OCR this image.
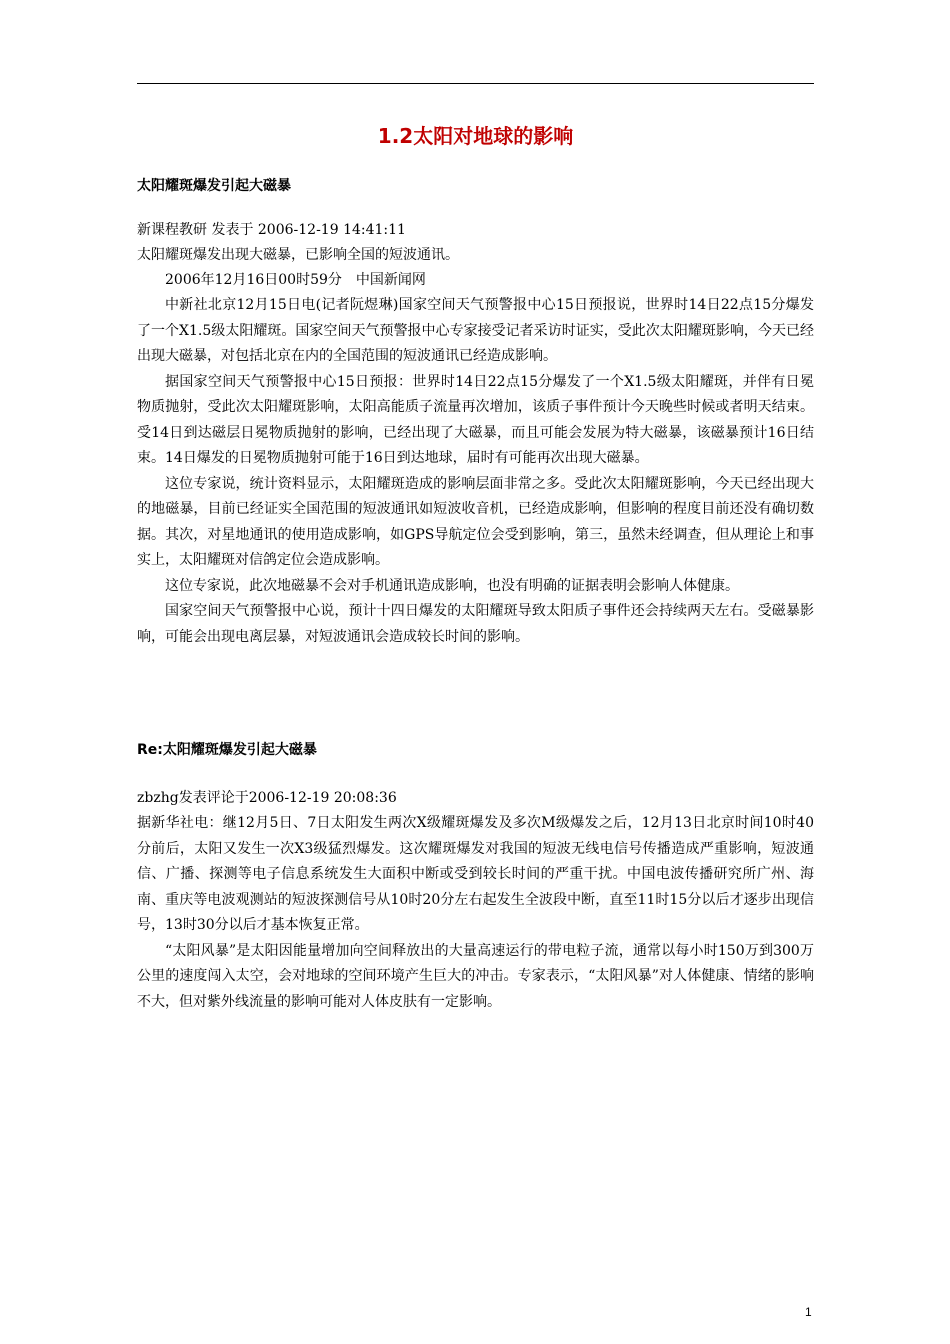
1.2太阳对地球的影响
太阳耀斑爆发引起大磁暴

新课程教研 发表于 2006-12-19 14:41:11

太阳耀斑爆发出现大磁暴，已影响全国的短波通讯。

2006年12月16日00时59分　中国新闻网

中新社北京12月15日电(记者阮煜琳)国家空间天气预警报中心15日预报说，世界时14日22点15分爆发了一个X1.5级太阳耀斑。国家空间天气预警报中心专家接受记者采访时证实，受此次太阳耀斑影响，今天已经出现大磁暴，对包括北京在内的全国范围的短波通讯已经造成影响。

据国家空间天气预警报中心15日预报：世界时14日22点15分爆发了一个X1.5级太阳耀斑，并伴有日冕物质抛射，受此次太阳耀斑影响，太阳高能质子流量再次增加，该质子事件预计今天晚些时候或者明天结束。受14日到达磁层日冕物质抛射的影响，已经出现了大磁暴，而且可能会发展为特大磁暴，该磁暴预计16日结束。14日爆发的日冕物质抛射可能于16日到达地球，届时有可能再次出现大磁暴。

这位专家说，统计资料显示，太阳耀斑造成的影响层面非常之多。受此次太阳耀斑影响，今天已经出现大的地磁暴，目前已经证实全国范围的短波通讯如短波收音机，已经造成影响，但影响的程度目前还没有确切数据。其次，对星地通讯的使用造成影响，如GPS导航定位会受到影响，第三，虽然未经调查，但从理论上和事实上，太阳耀斑对信鸽定位会造成影响。

这位专家说，此次地磁暴不会对手机通讯造成影响，也没有明确的证据表明会影响人体健康。

国家空间天气预警报中心说，预计十四日爆发的太阳耀斑导致太阳质子事件还会持续两天左右。受磁暴影响，可能会出现电离层暴，对短波通讯会造成较长时间的影响。

Re:太阳耀斑爆发引起大磁暴

zbzhg发表评论于2006-12-19 20:08:36

据新华社电：继12月5日、7日太阳发生两次X级耀斑爆发及多次M级爆发之后，12月13日北京时间10时40分前后，太阳又发生一次X3级猛烈爆发。这次耀斑爆发对我国的短波无线电信号传播造成严重影响，短波通信、广播、探测等电子信息系统发生大面积中断或受到较长时间的严重干扰。中国电波传播研究所广州、海南、重庆等电波观测站的短波探测信号从10时20分左右起发生全波段中断，直至11时15分以后才逐步出现信号，13时30分以后才基本恢复正常。

“太阳风暴”是太阳因能量增加向空间释放出的大量高速运行的带电粒子流，通常以每小时150万到300万公里的速度闯入太空，会对地球的空间环境产生巨大的冲击。专家表示，“太阳风暴”对人体健康、情绪的影响不大，但对紫外线流量的影响可能对人体皮肤有一定影响。

1
